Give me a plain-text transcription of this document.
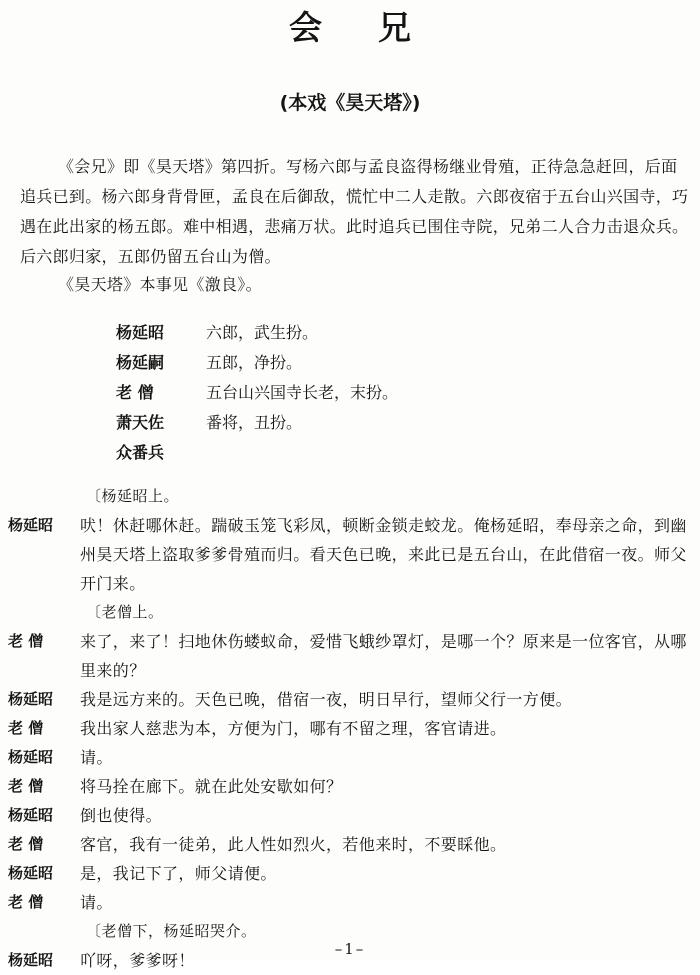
会兄
(本戏《昊天塔》)

《会兄》即《昊天塔》第四折。写杨六郎与孟良盗得杨继业骨殖，正待急急赶回，后面追兵已到。杨六郎身背骨匣，孟良在后御敌，慌忙中二人走散。六郎夜宿于五台山兴国寺，巧遇在此出家的杨五郎。难中相遇，悲痛万状。此时追兵已围住寺院，兄弟二人合力击退众兵。后六郎归家，五郎仍留五台山为僧。

《昊天塔》本事见《激良》。

杨延昭	六郎，武生扮。
杨延嗣	五郎，净扮。
老 僧	五台山兴国寺长老，末扮。
萧天佐	番将，丑扮。
众番兵
〔杨延昭上。
杨延昭	吠！休赶哪休赶。踹破玉笼飞彩凤，顿断金锁走蛟龙。俺杨延昭，奉母亲之命，到幽州昊天塔上盗取爹爹骨殖而归。看天色已晚，来此已是五台山，在此借宿一夜。师父开门来。
〔老僧上。
老 僧	来了，来了！扫地休伤蝼蚁命，爱惜飞蛾纱罩灯，是哪一个？原来是一位客官，从哪里来的？
杨延昭	我是远方来的。天色已晚，借宿一夜，明日早行，望师父行一方便。
老 僧	我出家人慈悲为本，方便为门，哪有不留之理，客官请进。
杨延昭	请。
老 僧	将马拴在廊下。就在此处安歇如何？
杨延昭	倒也使得。
老 僧	客官，我有一徒弟，此人性如烈火，若他来时，不要睬他。
杨延昭	是，我记下了，师父请便。
老 僧	请。
〔老僧下，杨延昭哭介。
杨延昭	吖呀，爹爹呀！
–1–
